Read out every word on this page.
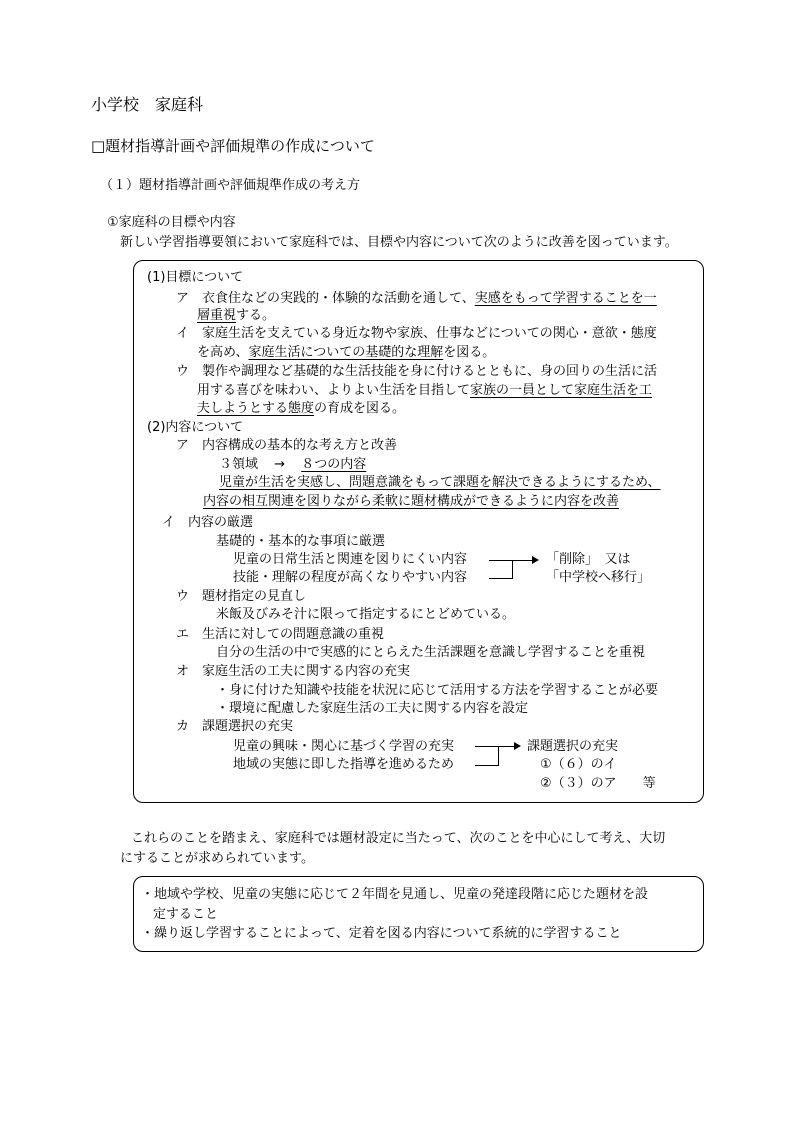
小学校　家庭科
□題材指導計画や評価規準の作成について
（１）題材指導計画や評価規準作成の考え方
①家庭科の目標や内容
新しい学習指導要領において家庭科では、目標や内容について次のように改善を図っています。
(1)目標について
ア　衣食住などの実践的・体験的な活動を通して、実感をもって学習することを一
層重視する。
イ　家庭生活を支えている身近な物や家族、仕事などについての関心・意欲・態度
を高め、家庭生活についての基礎的な理解を図る。
ウ　製作や調理など基礎的な生活技能を身に付けるとともに、身の回りの生活に活
用する喜びを味わい、よりよい生活を目指して家族の一員として家庭生活を工
夫しようとする態度の育成を図る。
(2)内容について
ア　内容構成の基本的な考え方と改善
３領域 → ８つの内容
児童が生活を実感し、問題意識をもって課題を解決できるようにするため、
内容の相互関連を図りながら柔軟に題材構成ができるように内容を改善
イ　内容の厳選
基礎的・基本的な事項に厳選
児童の日常生活と関連を図りにくい内容
技能・理解の程度が高くなりやすい内容
「削除」　又は
「中学校へ移行」
ウ　題材指定の見直し
米飯及びみそ汁に限って指定するにとどめている。
エ　生活に対しての問題意識の重視
自分の生活の中で実感的にとらえた生活課題を意識し学習することを重視
オ　家庭生活の工夫に関する内容の充実
・身に付けた知識や技能を状況に応じて活用する方法を学習することが必要
・環境に配慮した家庭生活の工夫に関する内容を設定
カ　課題選択の充実
児童の興味・関心に基づく学習の充実
地域の実態に即した指導を進めるため
課題選択の充実
①（６）のイ
②（３）のア　　等
これらのことを踏まえ、家庭科では題材設定に当たって、次のことを中心にして考え、大切
にすることが求められています。
・地域や学校、児童の実態に応じて２年間を見通し、児童の発達段階に応じた題材を設
定すること
・繰り返し学習することによって、定着を図る内容について系統的に学習すること
